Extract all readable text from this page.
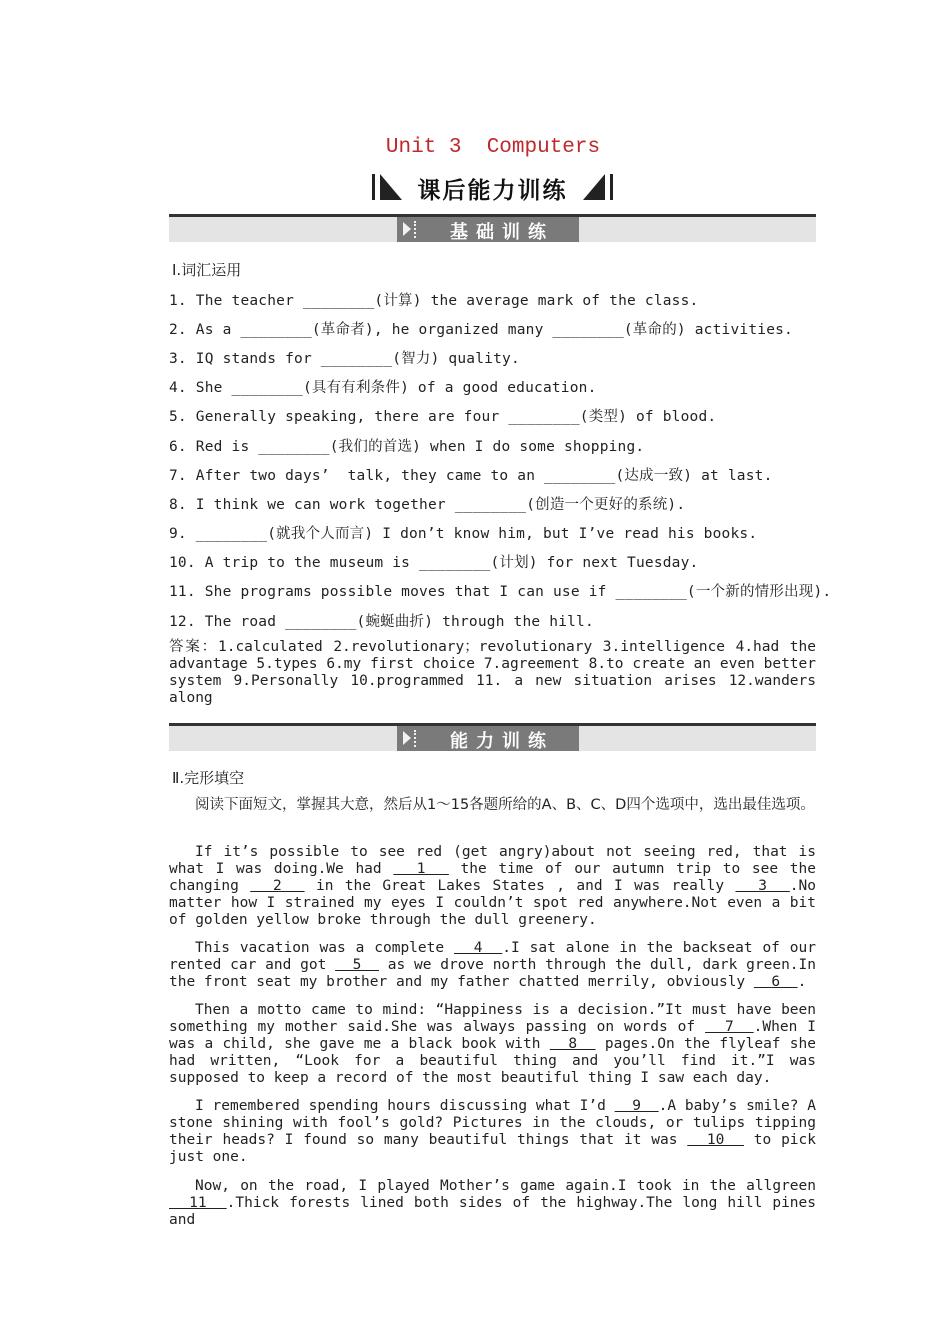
Unit 3  Computers
课后能力训练
基础训练
Ⅰ.词汇运用
1. The teacher ________(计算) the average mark of the class.
2. As a ________(革命者), he organized many ________(革命的) activities.
3. IQ stands for ________(智力) quality.
4. She ________(具有有利条件) of a good education.
5. Generally speaking, there are four ________(类型) of blood.
6. Red is ________(我们的首选) when I do some shopping.
7. After two days’  talk, they came to an ________(达成一致) at last.
8. I think we can work together ________(创造一个更好的系统).
9. ________(就我个人而言) I don’t know him, but I’ve read his books.
10. A trip to the museum is ________(计划) for next Tuesday.
11. She programs possible moves that I can use if ________(一个新的情形出现).
12. The road ________(蜿蜒曲折) through the hill.
答案：1.calculated 2.revolutionary；revolutionary 3.intelligence 4.had the advantage 5.types 6.my first choice 7.agreement 8.to create an even better system 9.Personally 10.programmed 11. a new situation arises 12.wanders along
能力训练
Ⅱ.完形填空
阅读下面短文，掌握其大意，然后从1～15各题所给的A、B、C、D四个选项中，选出最佳选项。

If it’s possible to see red (get angry)about not seeing red, that is what I was doing.We had   1   the time of our autumn trip to see the changing   2   in the Great Lakes States , and I was really   3  .No matter how I strained my eyes I couldn’t spot red anywhere.Not even a bit of golden yellow broke through the dull greenery.

This vacation was a complete   4  .I sat alone in the backseat of our rented car and got   5   as we drove north through the dull, dark green.In the front seat my brother and my father chatted merrily, obviously   6  .

Then a motto came to mind: “Happiness is a decision.”It must have been something my mother said.She was always passing on words of   7  .When I was a child, she gave me a black book with   8   pages.On the flyleaf she had written, “Look for a beautiful thing and you’ll find it.”I was supposed to keep a record of the most beautiful thing I saw each day.

I remembered spending hours discussing what I’d   9  .A baby’s smile? A stone shining with fool’s gold? Pictures in the clouds, or tulips tipping their heads? I found so many beautiful things that it was   10   to pick just one.

Now, on the road, I played Mother’s game again.I took in the allgreen   11  .Thick forests lined both sides of the highway.The long hill pines and
